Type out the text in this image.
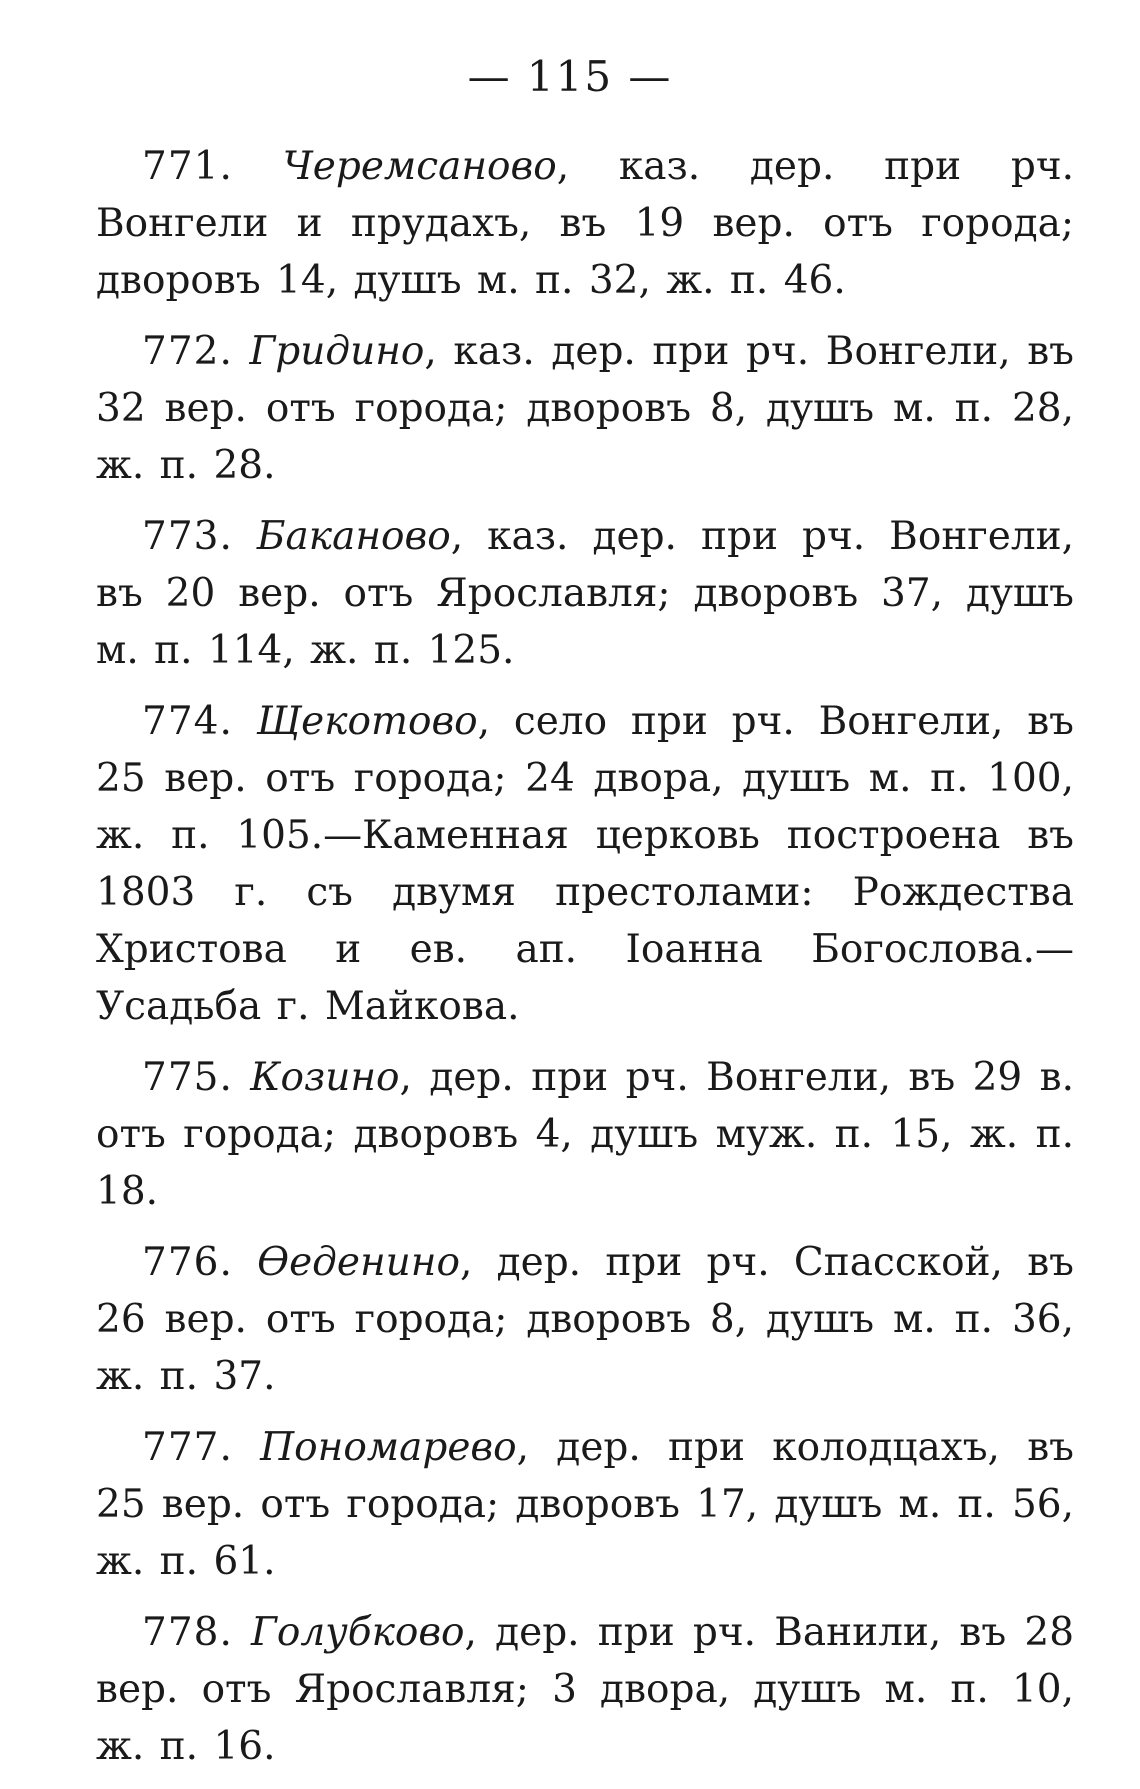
— 115 —

771. Черемсаново, каз. дер. при рч. Вонгели и прудахъ, въ 19 вер. отъ города; дворовъ 14, душъ м. п. 32, ж. п. 46.

772. Гридино, каз. дер. при рч. Вонгели, въ 32 вер. отъ города; дворовъ 8, душъ м. п. 28, ж. п. 28.

773. Баканово, каз. дер. при рч. Вонгели, въ 20 вер. отъ Ярославля; дворовъ 37, душъ м. п. 114, ж. п. 125.

774. Щекотово, село при рч. Вонгели, въ 25 вер. отъ города; 24 двора, душъ м. п. 100, ж. п. 105.—Каменная церковь построена въ 1803 г. съ двумя престолами: Рождества Христова и ев. ап. Іоанна Богослова.—Усадьба г. Майкова.

775. Козино, дер. при рч. Вонгели, въ 29 в. отъ города; дворовъ 4, душъ муж. п. 15, ж. п. 18.

776. Ѳеденино, дер. при рч. Спасской, въ 26 вер. отъ города; дворовъ 8, душъ м. п. 36, ж. п. 37.

777. Пономарево, дер. при колодцахъ, въ 25 вер. отъ города; дворовъ 17, душъ м. п. 56, ж. п. 61.

778. Голубково, дер. при рч. Ванили, въ 28 вер. отъ Ярославля; 3 двора, душъ м. п. 10, ж. п. 16.
